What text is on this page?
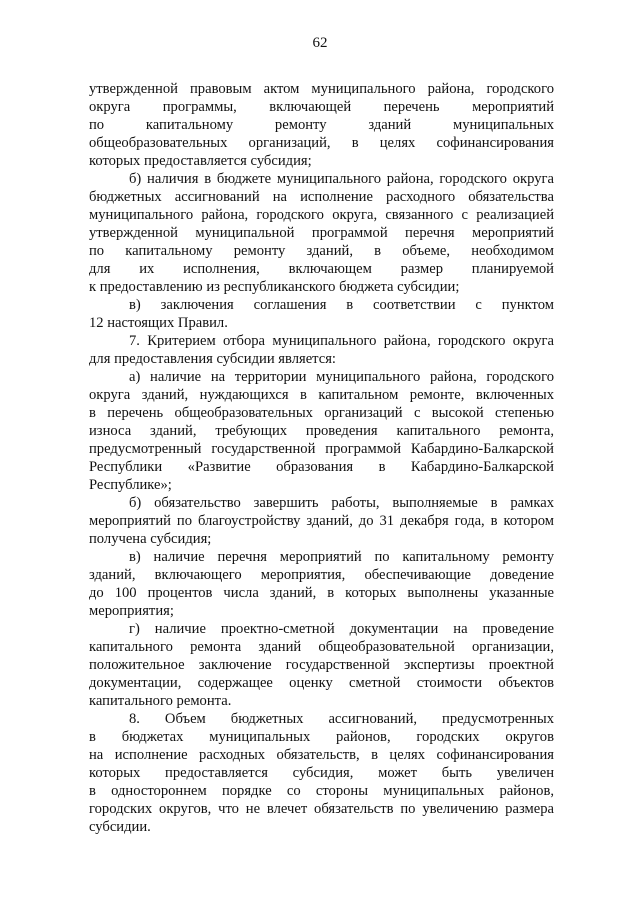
62
утвержденной правовым актом муниципального района, городского
округа программы, включающей перечень мероприятий
по капитальному ремонту зданий муниципальных
общеобразовательных организаций, в целях софинансирования
которых предоставляется субсидия;
б) наличия в бюджете муниципального района, городского округа
бюджетных ассигнований на исполнение расходного обязательства
муниципального района, городского округа, связанного с реализацией
утвержденной муниципальной программой перечня мероприятий
по капитальному ремонту зданий, в объеме, необходимом
для их исполнения, включающем размер планируемой
к предоставлению из республиканского бюджета субсидии;
в) заключения соглашения в соответствии с пунктом
12 настоящих Правил.
7. Критерием отбора муниципального района, городского округа
для предоставления субсидии является:
а) наличие на территории муниципального района, городского
округа зданий, нуждающихся в капитальном ремонте, включенных
в перечень общеобразовательных организаций с высокой степенью
износа зданий, требующих проведения капитального ремонта,
предусмотренный государственной программой Кабардино-Балкарской
Республики «Развитие образования в Кабардино-Балкарской
Республике»;
б) обязательство завершить работы, выполняемые в рамках
мероприятий по благоустройству зданий, до 31 декабря года, в котором
получена субсидия;
в) наличие перечня мероприятий по капитальному ремонту
зданий, включающего мероприятия, обеспечивающие доведение
до 100 процентов числа зданий, в которых выполнены указанные
мероприятия;
г) наличие проектно-сметной документации на проведение
капитального ремонта зданий общеобразовательной организации,
положительное заключение государственной экспертизы проектной
документации, содержащее оценку сметной стоимости объектов
капитального ремонта.
8. Объем бюджетных ассигнований, предусмотренных
в бюджетах муниципальных районов, городских округов
на исполнение расходных обязательств, в целях софинансирования
которых предоставляется субсидия, может быть увеличен
в одностороннем порядке со стороны муниципальных районов,
городских округов, что не влечет обязательств по увеличению размера
субсидии.
